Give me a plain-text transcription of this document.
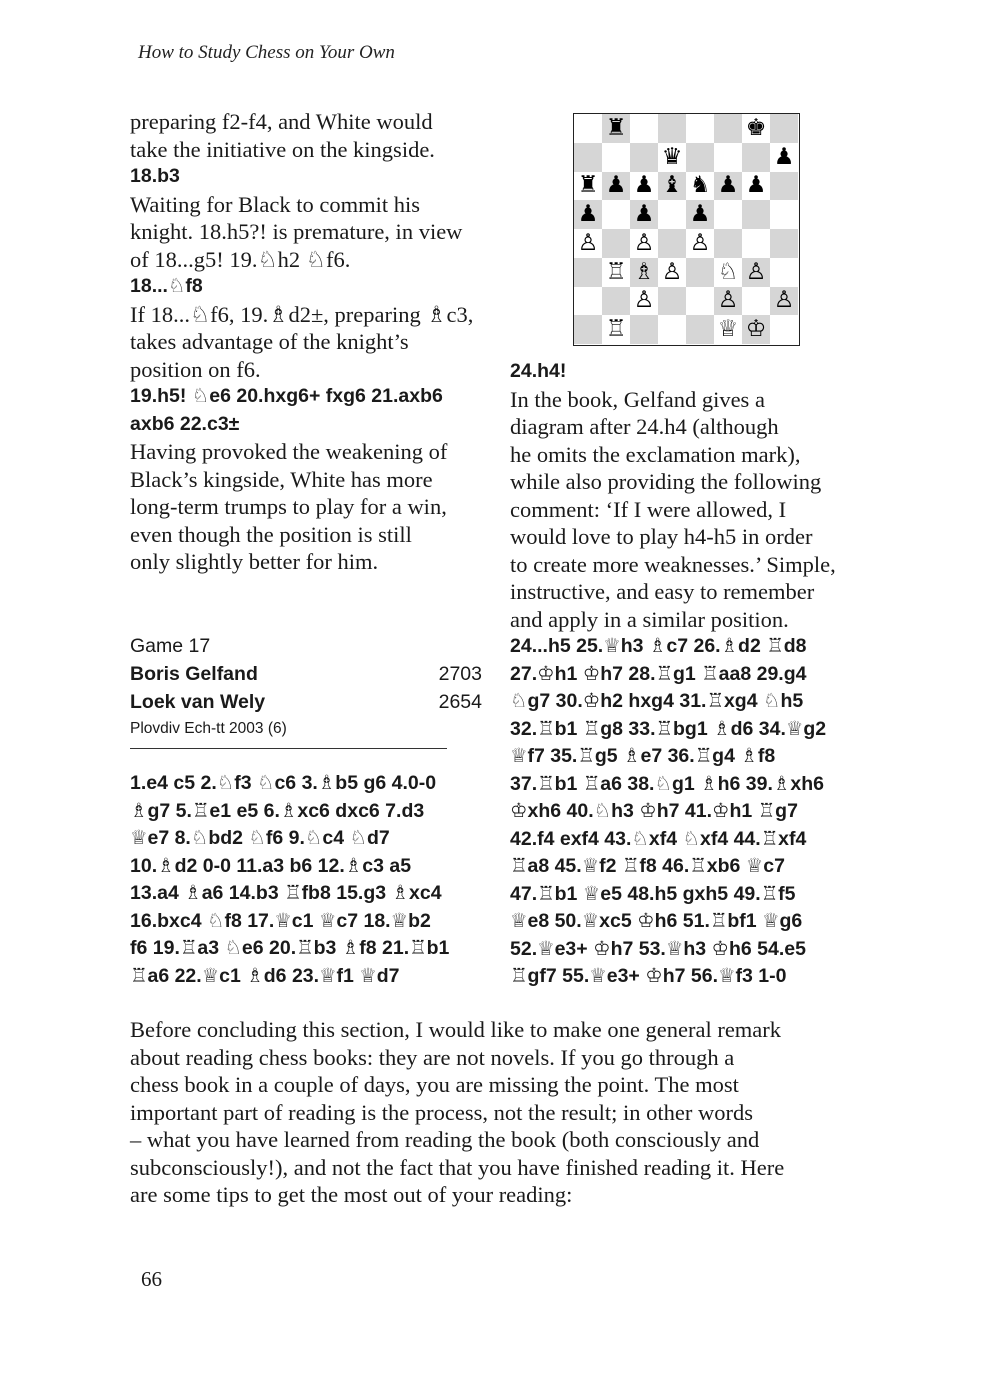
How to Study Chess on Your Own
preparing f2-f4, and White would
take the initiative on the kingside.
18.b3
Waiting for Black to commit his
knight. 18.h5?! is premature, in view
of 18...g5! 19.♘h2 ♘f6.
18...♘f8
If 18...♘f6, 19.♗d2±, preparing ♗c3,
takes advantage of the knight’s
position on f6.
19.h5! ♘e6 20.hxg6+ fxg6 21.axb6
axb6 22.c3±
Having provoked the weakening of
Black’s kingside, White has more
long-term trumps to play for a win,
even though the position is still
only slightly better for him.
Game 17
Boris Gelfand	2703
Loek van Wely	2654
Plovdiv Ech-tt 2003 (6)
1.e4 c5 2.♘f3 ♘c6 3.♗b5 g6 4.0-0
♗g7 5.♖e1 e5 6.♗xc6 dxc6 7.d3
♕e7 8.♘bd2 ♘f6 9.♘c4 ♘d7
10.♗d2 0-0 11.a3 b6 12.♗c3 a5
13.a4 ♗a6 14.b3 ♖fb8 15.g3 ♗xc4
16.bxc4 ♘f8 17.♕c1 ♕c7 18.♕b2
f6 19.♖a3 ♘e6 20.♖b3 ♗f8 21.♖b1
♖a6 22.♕c1 ♗d6 23.♕f1 ♕d7
♜	♚
♛	♟
♜ ♟ ♟ ♝ ♞ ♟ ♟
♟ ♟ ♟
♙ ♙ ♙
♖ ♗ ♙ ♘ ♙
♙	♙ ♙
♖	♕ ♔
24.h4!
In the book, Gelfand gives a
diagram after 24.h4 (although
he omits the exclamation mark),
while also providing the following
comment: ‘If I were allowed, I
would love to play h4-h5 in order
to create more weaknesses.’ Simple,
instructive, and easy to remember
and apply in a similar position.
24...h5 25.♕h3 ♗c7 26.♗d2 ♖d8
27.♔h1 ♔h7 28.♖g1 ♖aa8 29.g4
♘g7 30.♔h2 hxg4 31.♖xg4 ♘h5
32.♖b1 ♖g8 33.♖bg1 ♗d6 34.♕g2
♕f7 35.♖g5 ♗e7 36.♖g4 ♗f8
37.♖b1 ♖a6 38.♘g1 ♗h6 39.♗xh6
♔xh6 40.♘h3 ♔h7 41.♔h1 ♖g7
42.f4 exf4 43.♘xf4 ♘xf4 44.♖xf4
♖a8 45.♕f2 ♖f8 46.♖xb6 ♕c7
47.♖b1 ♕e5 48.h5 gxh5 49.♖f5
♕e8 50.♕xc5 ♔h6 51.♖bf1 ♕g6
52.♕e3+ ♔h7 53.♕h3 ♔h6 54.e5
♖gf7 55.♕e3+ ♔h7 56.♕f3 1-0
Before concluding this section, I would like to make one general remark
about reading chess books: they are not novels. If you go through a
chess book in a couple of days, you are missing the point. The most
important part of reading is the process, not the result; in other words
– what you have learned from reading the book (both consciously and
subconsciously!), and not the fact that you have finished reading it. Here
are some tips to get the most out of your reading:
66
